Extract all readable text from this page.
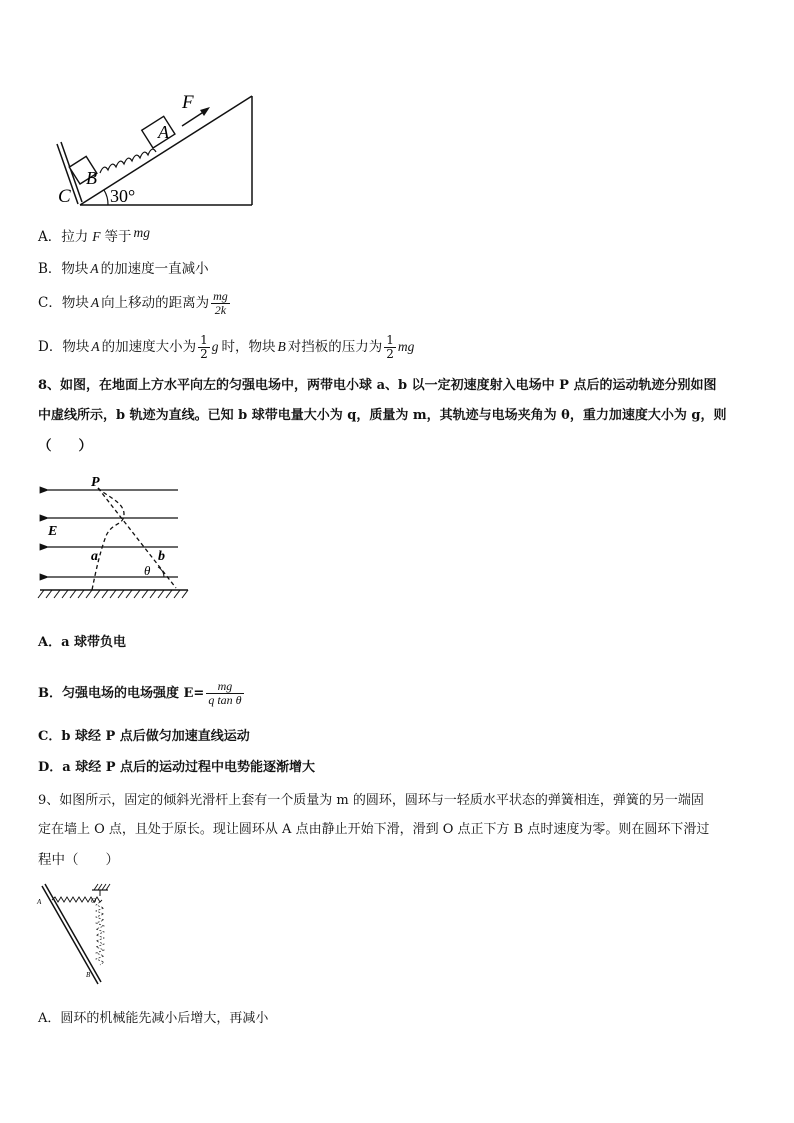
F
A
B
C 30°
A．拉力 F 等于 mg
B．物块 A 的加速度一直减小
C．物块 A 向上移动的距离为 $\frac{mg}{2k}$
D．物块 A 的加速度大小为 $\frac{1}{2}$ g 时，物块 B 对挡板的压力为 $\frac{1}{2}$ mg
8、如图，在地面上方水平向左的匀强电场中，两带电小球 a、b 以一定初速度射入电场中 P 点后的运动轨迹分别如图
中虚线所示，b 轨迹为直线。已知 b 球带电量大小为 q，质量为 m，其轨迹与电场夹角为 θ，重力加速度大小为 g，则
（　　）
P
E
a	b
θ
A．a 球带负电
B．匀强电场的电场强度 $E= \frac{mg}{\text{q tan θ}}$
C．b 球经 P 点后做匀加速直线运动
D．a 球经 P 点后的运动过程中电势能逐渐增大
9、如图所示，固定的倾斜光滑杆上套有一个质量为 m 的圆环，圆环与一轻质水平状态的弹簧相连，弹簧的另一端固
定在墙上 O 点，且处于原长。现让圆环从 A 点由静止开始下滑，滑到 O 点正下方 B 点时速度为零。则在圆环下滑过
程中（　　）
A	O
B
A．圆环的机械能先减小后增大，再减小
